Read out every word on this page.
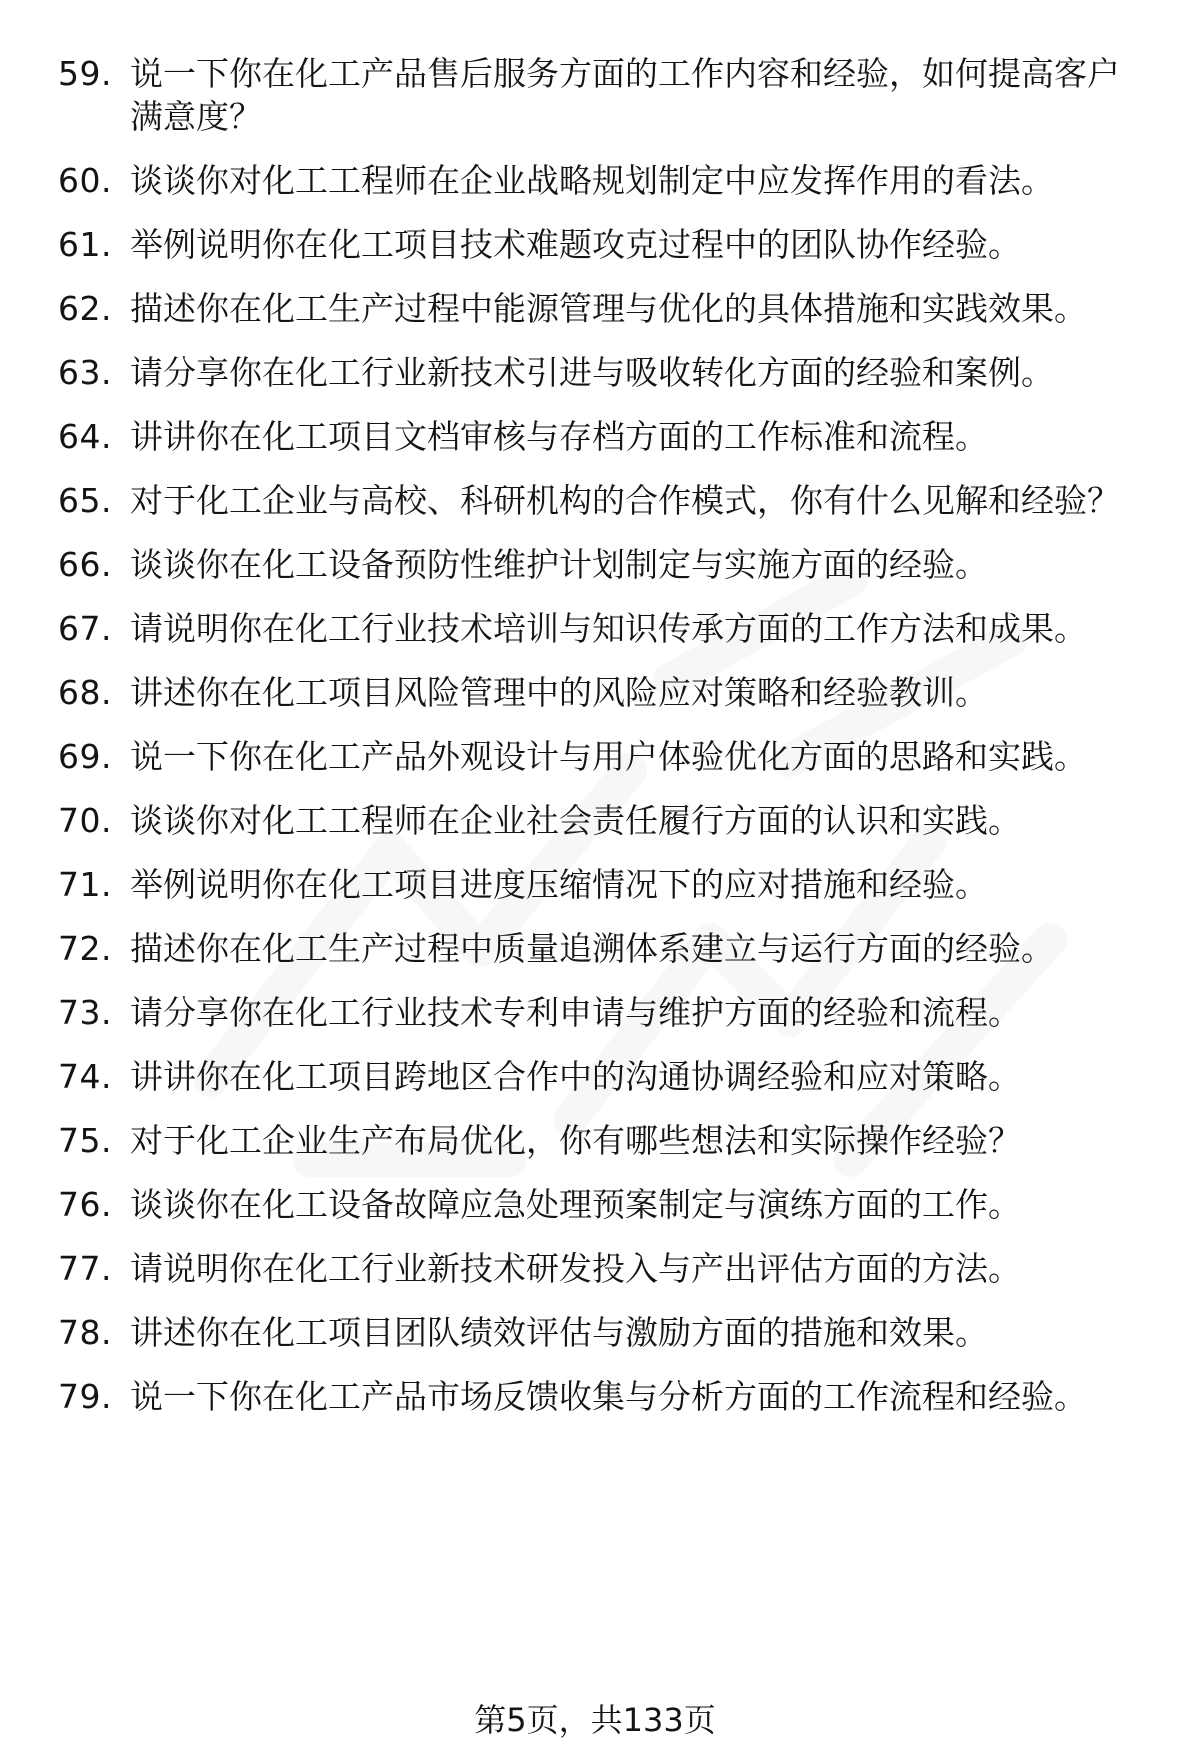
59. 说一下你在化工产品售后服务方面的工作内容和经验，如何提高客户满意度？
60. 谈谈你对化工工程师在企业战略规划制定中应发挥作用的看法。
61. 举例说明你在化工项目技术难题攻克过程中的团队协作经验。
62. 描述你在化工生产过程中能源管理与优化的具体措施和实践效果。
63. 请分享你在化工行业新技术引进与吸收转化方面的经验和案例。
64. 讲讲你在化工项目文档审核与存档方面的工作标准和流程。
65. 对于化工企业与高校、科研机构的合作模式，你有什么见解和经验？
66. 谈谈你在化工设备预防性维护计划制定与实施方面的经验。
67. 请说明你在化工行业技术培训与知识传承方面的工作方法和成果。
68. 讲述你在化工项目风险管理中的风险应对策略和经验教训。
69. 说一下你在化工产品外观设计与用户体验优化方面的思路和实践。
70. 谈谈你对化工工程师在企业社会责任履行方面的认识和实践。
71. 举例说明你在化工项目进度压缩情况下的应对措施和经验。
72. 描述你在化工生产过程中质量追溯体系建立与运行方面的经验。
73. 请分享你在化工行业技术专利申请与维护方面的经验和流程。
74. 讲讲你在化工项目跨地区合作中的沟通协调经验和应对策略。
75. 对于化工企业生产布局优化，你有哪些想法和实际操作经验？
76. 谈谈你在化工设备故障应急处理预案制定与演练方面的工作。
77. 请说明你在化工行业新技术研发投入与产出评估方面的方法。
78. 讲述你在化工项目团队绩效评估与激励方面的措施和效果。
79. 说一下你在化工产品市场反馈收集与分析方面的工作流程和经验。
第5页，共133页
